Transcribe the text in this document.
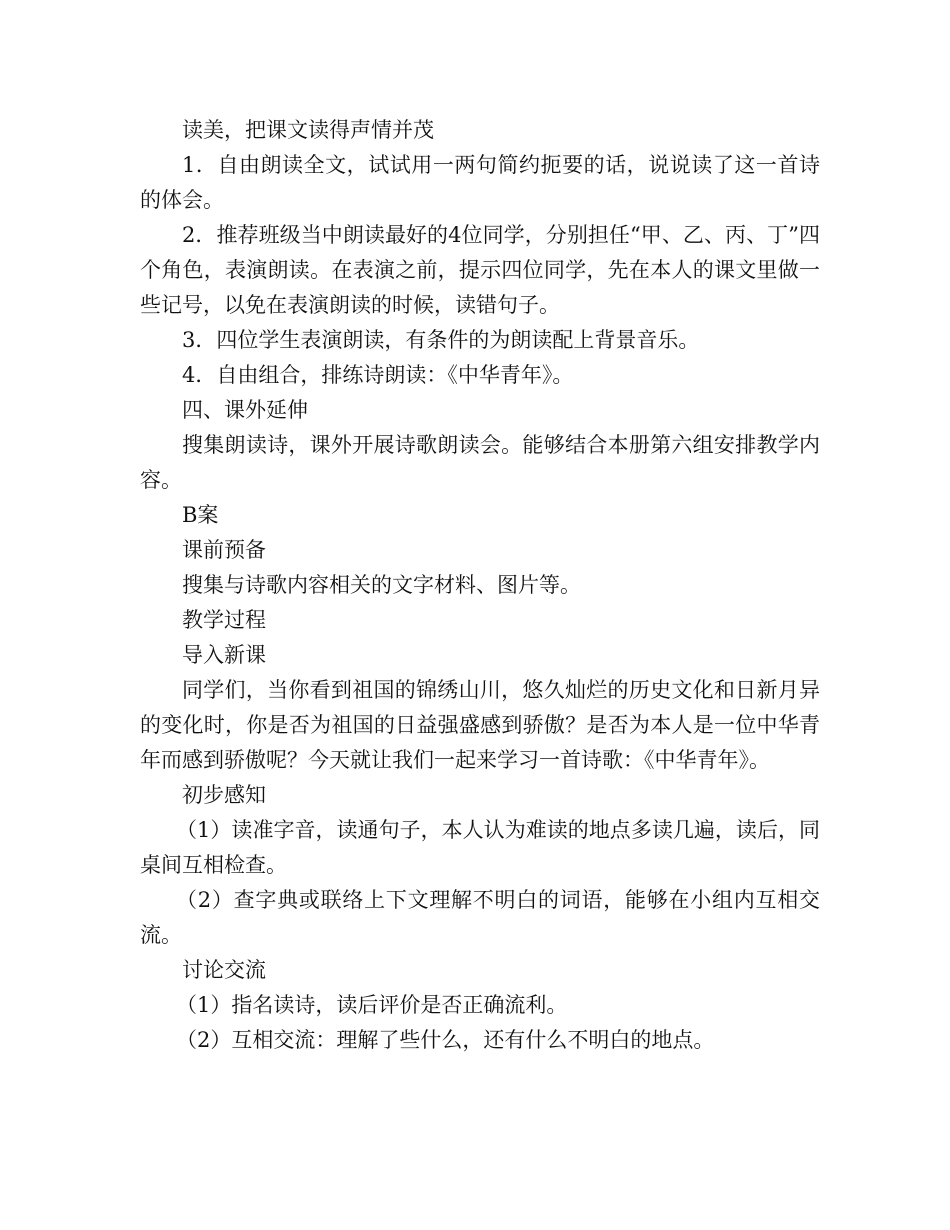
读美，把课文读得声情并茂

1．自由朗读全文，试试用一两句简约扼要的话，说说读了这一首诗的体会。

2．推荐班级当中朗读最好的4位同学，分别担任“甲、乙、丙、丁”四个角色，表演朗读。在表演之前，提示四位同学，先在本人的课文里做一些记号，以免在表演朗读的时候，读错句子。

3．四位学生表演朗读，有条件的为朗读配上背景音乐。

4．自由组合，排练诗朗读：《中华青年》。

四、课外延伸

搜集朗读诗，课外开展诗歌朗读会。能够结合本册第六组安排教学内容。

B案

课前预备

搜集与诗歌内容相关的文字材料、图片等。

教学过程

导入新课

同学们，当你看到祖国的锦绣山川，悠久灿烂的历史文化和日新月异的变化时，你是否为祖国的日益强盛感到骄傲？是否为本人是一位中华青年而感到骄傲呢？今天就让我们一起来学习一首诗歌：《中华青年》。

初步感知

（1）读准字音，读通句子，本人认为难读的地点多读几遍，读后，同桌间互相检查。

（2）查字典或联络上下文理解不明白的词语，能够在小组内互相交流。

讨论交流

（1）指名读诗，读后评价是否正确流利。

（2）互相交流：理解了些什么，还有什么不明白的地点。
